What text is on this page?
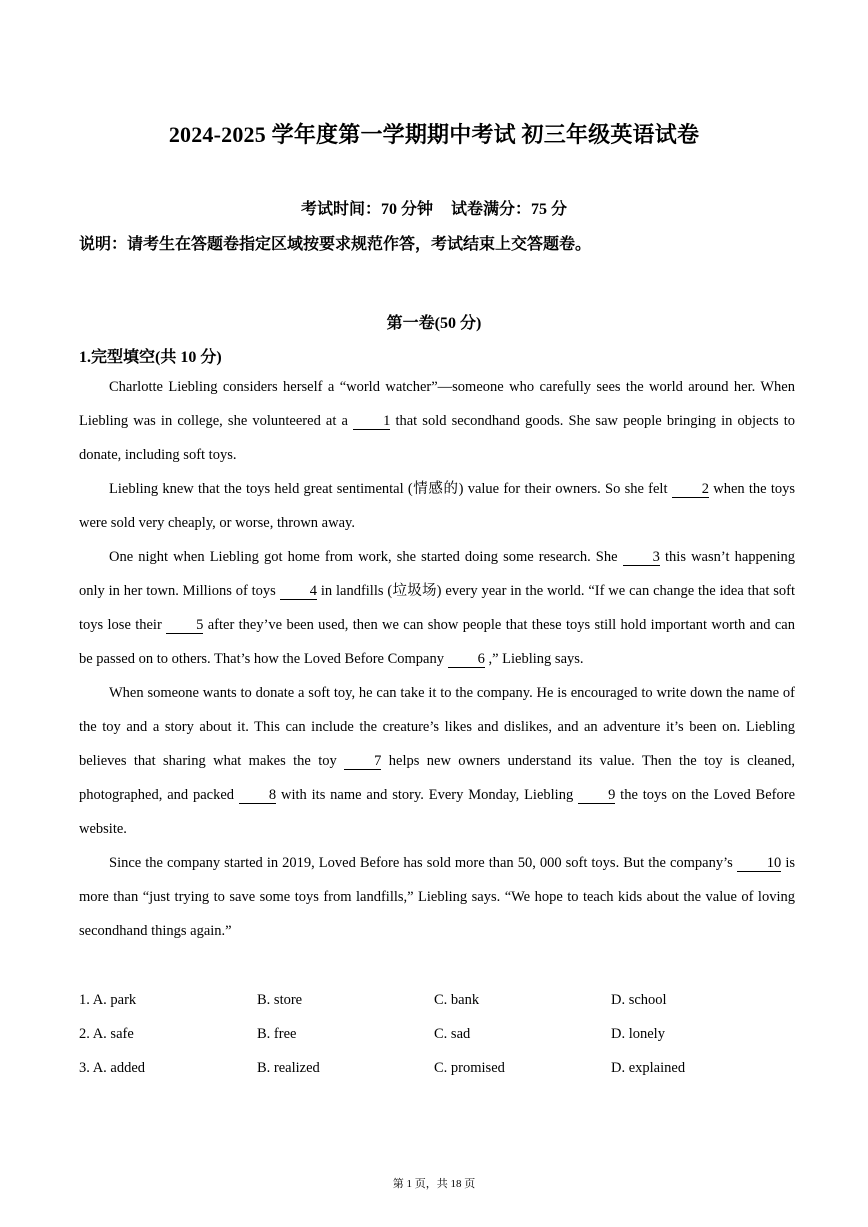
2024-2025 学年度第一学期期中考试 初三年级英语试卷
考试时间：70 分钟 试卷满分：75 分
说明：请考生在答题卷指定区域按要求规范作答，考试结束上交答题卷。
第一卷(50 分)
1.完型填空(共 10 分)

Charlotte Liebling considers herself a “world watcher”—someone who carefully sees the world around her. When Liebling was in college, she volunteered at a 1 that sold secondhand goods. She saw people bringing in objects to donate, including soft toys.

Liebling knew that the toys held great sentimental (情感的) value for their owners. So she felt 2 when the toys were sold very cheaply, or worse, thrown away.

One night when Liebling got home from work, she started doing some research. She 3 this wasn’t happening only in her town. Millions of toys 4 in landfills (垃圾场) every year in the world. “If we can change the idea that soft toys lose their 5 after they’ve been used, then we can show people that these toys still hold important worth and can be passed on to others. That’s how the Loved Before Company 6 ,” Liebling says.

When someone wants to donate a soft toy, he can take it to the company. He is encouraged to write down the name of the toy and a story about it. This can include the creature’s likes and dislikes, and an adventure it’s been on. Liebling believes that sharing what makes the toy 7 helps new owners understand its value. Then the toy is cleaned, photographed, and packed 8 with its name and story. Every Monday, Liebling 9 the toys on the Loved Before website.

Since the company started in 2019, Loved Before has sold more than 50, 000 soft toys. But the company’s 10 is more than “just trying to save some toys from landfills,” Liebling says. “We hope to teach kids about the value of loving secondhand things again.”

1. A. park	B. store	C. bank	D. school
2. A. safe	B. free	C. sad	D. lonely
3. A. added	B. realized	C. promised	D. explained
第 1 页，共 18 页
